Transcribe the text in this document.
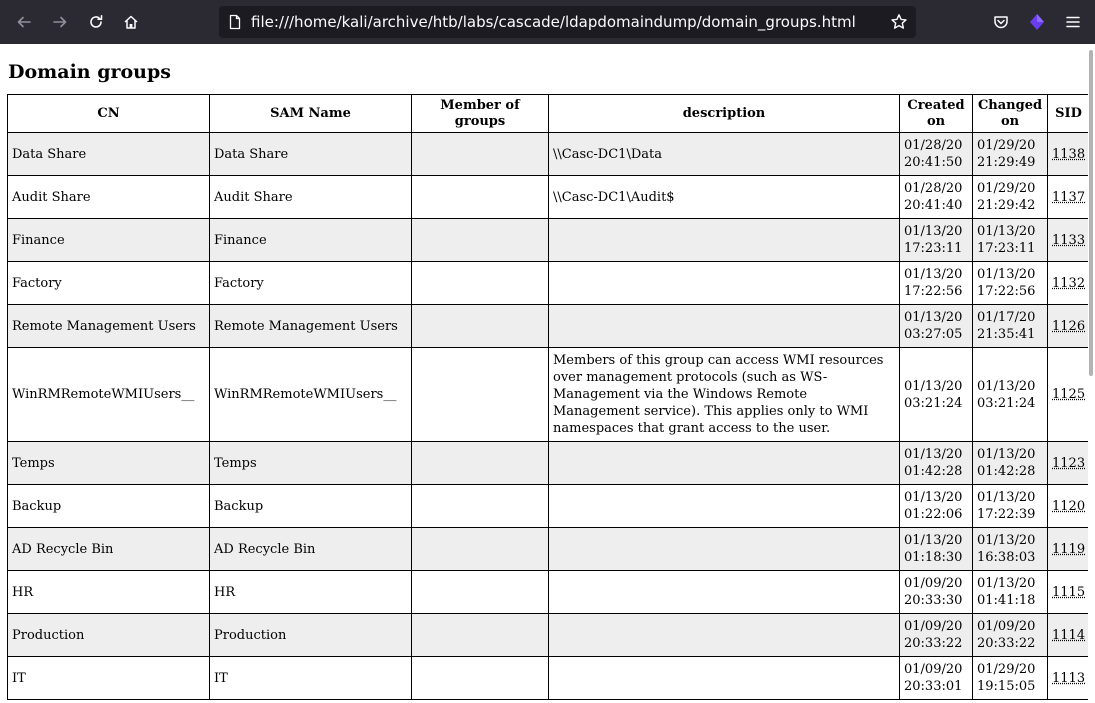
file:///home/kali/archive/htb/labs/cascade/ldapdomaindump/domain_groups.html
Domain groups
CN	SAM Name	Member of groups	description	Created on	Changed on	SID
Data Share	Data Share		\\Casc-DC1\Data	01/28/20 20:41:50	01/29/20 21:29:49	1138
Audit Share	Audit Share		\\Casc-DC1\Audit$	01/28/20 20:41:40	01/29/20 21:29:42	1137
Finance	Finance			01/13/20 17:23:11	01/13/20 17:23:11	1133
Factory	Factory			01/13/20 17:22:56	01/13/20 17:22:56	1132
Remote Management Users	Remote Management Users			01/13/20 03:27:05	01/17/20 21:35:41	1126
WinRMRemoteWMIUsers__	WinRMRemoteWMIUsers__		Members of this group can access WMI resources over management protocols (such as WS-Management via the Windows Remote Management service). This applies only to WMI namespaces that grant access to the user.	01/13/20 03:21:24	01/13/20 03:21:24	1125
Temps	Temps			01/13/20 01:42:28	01/13/20 01:42:28	1123
Backup	Backup			01/13/20 01:22:06	01/13/20 17:22:39	1120
AD Recycle Bin	AD Recycle Bin			01/13/20 01:18:30	01/13/20 16:38:03	1119
HR	HR			01/09/20 20:33:30	01/13/20 01:41:18	1115
Production	Production			01/09/20 20:33:22	01/09/20 20:33:22	1114
IT	IT			01/09/20 20:33:01	01/29/20 19:15:05	1113
